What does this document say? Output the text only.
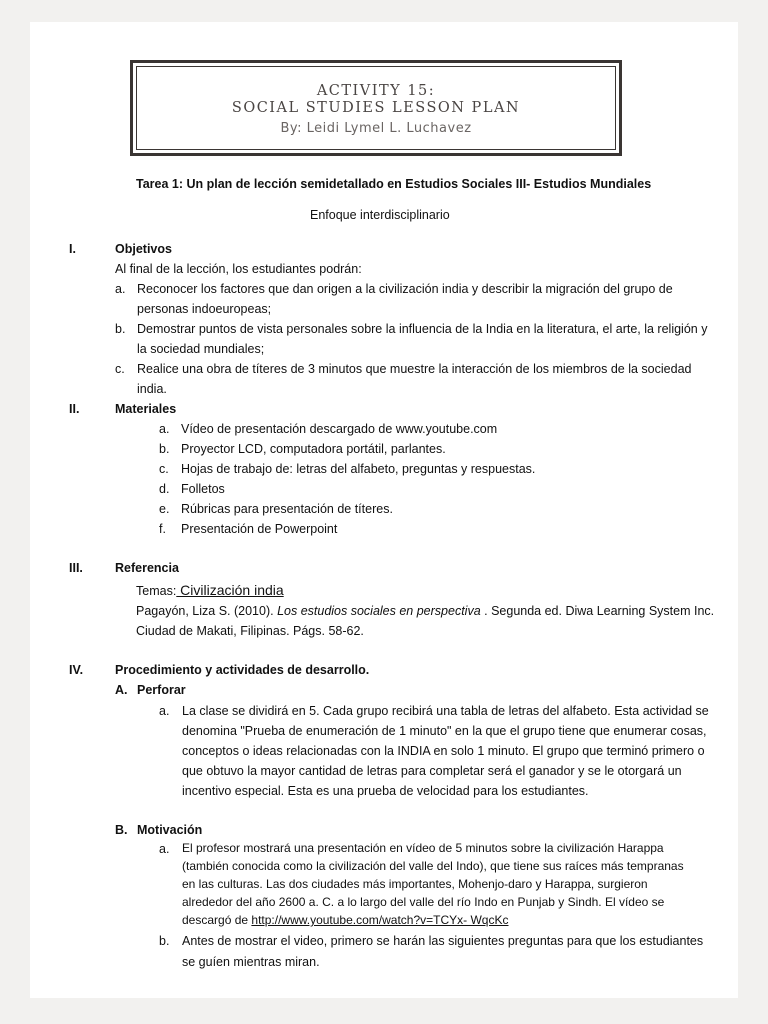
ACTIVITY 15:
SOCIAL STUDIES LESSON PLAN
By: Leidi Lymel L. Luchavez
Tarea 1: Un plan de lección semidetallado en Estudios Sociales III- Estudios Mundiales
Enfoque interdisciplinario
I.	Objetivos
Al final de la lección, los estudiantes podrán:
a. Reconocer los factores que dan origen a la civilización india y describir la migración del grupo de
personas indoeuropeas;
b. Demostrar puntos de vista personales sobre la influencia de la India en la literatura, el arte, la religión y
la sociedad mundiales;
c. Realice una obra de títeres de 3 minutos que muestre la interacción de los miembros de la sociedad
india.
II.	Materiales
a. Vídeo de presentación descargado de www.youtube.com
b. Proyector LCD, computadora portátil, parlantes.
c. Hojas de trabajo de: letras del alfabeto, preguntas y respuestas.
d. Folletos
e. Rúbricas para presentación de títeres.
f. Presentación de Powerpoint
III.	Referencia
Temas: Civilización india
Pagayón, Liza S. (2010). Los estudios sociales en perspectiva . Segunda ed. Diwa Learning System Inc.
Ciudad de Makati, Filipinas. Págs. 58-62.
IV.	Procedimiento y actividades de desarrollo.
A. Perforar
a. La clase se dividirá en 5. Cada grupo recibirá una tabla de letras del alfabeto. Esta actividad se
denomina "Prueba de enumeración de 1 minuto" en la que el grupo tiene que enumerar cosas,
conceptos o ideas relacionadas con la INDIA en solo 1 minuto. El grupo que terminó primero o
que obtuvo la mayor cantidad de letras para completar será el ganador y se le otorgará un
incentivo especial. Esta es una prueba de velocidad para los estudiantes.
B. Motivación
a. El profesor mostrará una presentación en vídeo de 5 minutos sobre la civilización Harappa
(también conocida como la civilización del valle del Indo), que tiene sus raíces más tempranas
en las culturas. Las dos ciudades más importantes, Mohenjo-daro y Harappa, surgieron
alrededor del año 2600 a. C. a lo largo del valle del río Indo en Punjab y Sindh. El vídeo se
descargó de http://www.youtube.com/watch?v=TCYx- WqcKc
b. Antes de mostrar el video, primero se harán las siguientes preguntas para que los estudiantes
se guíen mientras miran.
